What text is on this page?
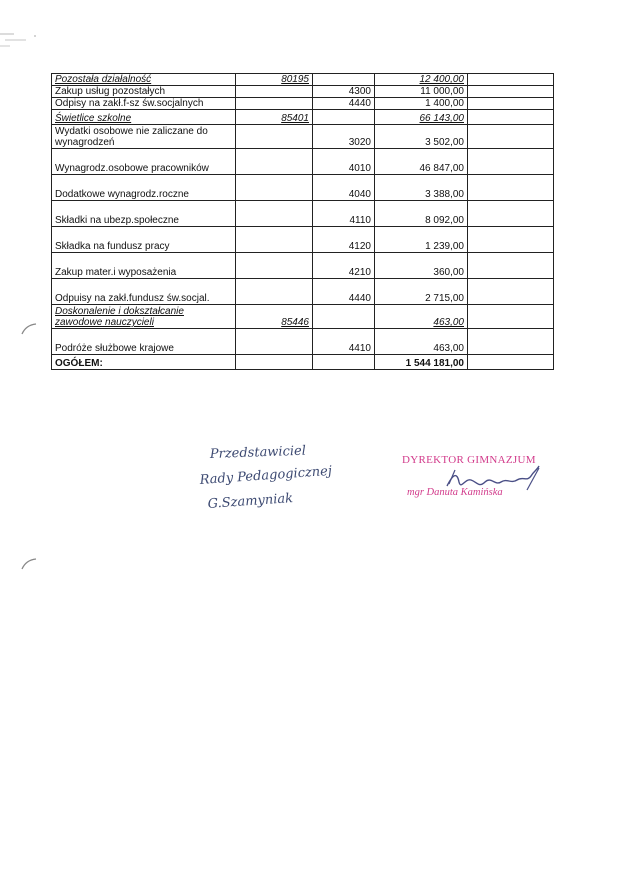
Pozostała działalność	80195		12 400,00	
Zakup usług pozostałych		4300	11 000,00	
Odpisy na zakł.f-sz św.socjalnych		4440	1 400,00	
Świetlice szkolne	85401		66 143,00	
Wydatki osobowe nie zaliczane do wynagrodzeń		3020	3 502,00	
Wynagrodz.osobowe pracowników		4010	46 847,00	
Dodatkowe wynagrodz.roczne		4040	3 388,00	
Składki na ubezp.społeczne		4110	8 092,00	
Składka na fundusz pracy		4120	1 239,00	
Zakup mater.i wyposażenia		4210	360,00	
Odpuisy na zakł.fundusz św.socjal.		4440	2 715,00	
Doskonalenie i dokształcanie zawodowe nauczycieli	85446		463,00	
Podróże służbowe krajowe		4410	463,00	
OGÓŁEM:			1 544 181,00	
Przedstawiciel
Rady Pedagogicznej
G.Szamyniak
DYREKTOR GIMNAZJUM
mgr Danuta Kamińska
